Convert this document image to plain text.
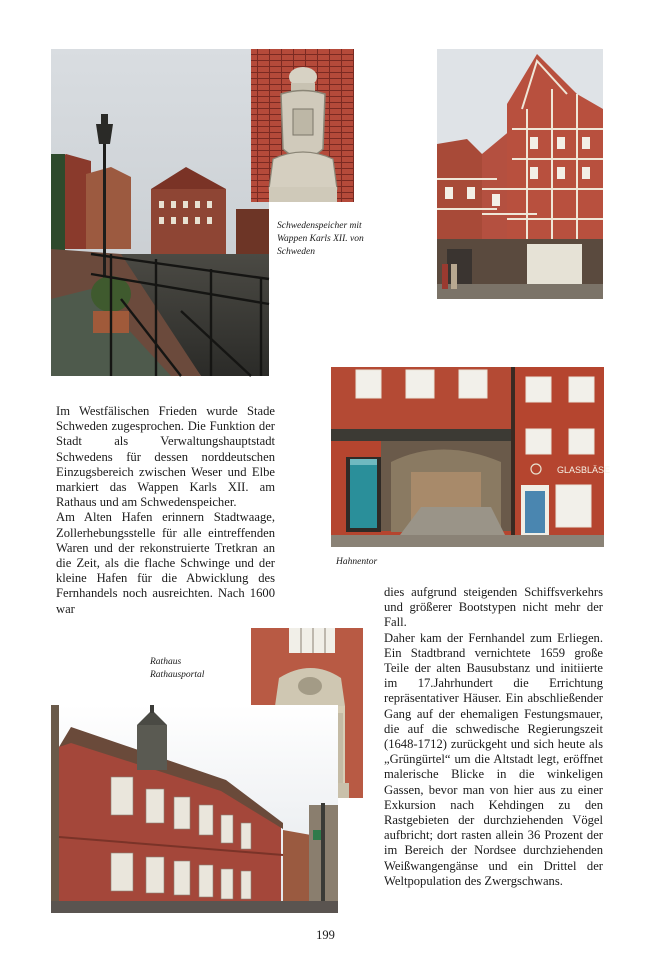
Schwedenspeicher mit
Wappen Karls XII. von
Schweden

GLASBLÄSE

Hahnentor

Rathaus
Rathausportal

Im Westfälischen Frieden wurde Stade Schweden zugesprochen. Die Funktion der Stadt als Verwaltungshauptstadt Schwedens für dessen norddeutschen Einzugsbereich zwischen Weser und Elbe markiert das Wappen Karls XII. am Rathaus und am Schwedenspeicher.

Am Alten Hafen erinnern Stadtwaage, Zollerhebungsstelle für alle eintreffenden Waren und der rekonstruierte Tretkran an die Zeit, als die flache Schwinge und der kleine Hafen für die Abwicklung des Fernhandels noch ausreichten. Nach 1600 war

dies aufgrund steigenden Schiffsverkehrs und größerer Bootstypen nicht mehr der Fall.

Daher kam der Fernhandel zum Erliegen. Ein Stadtbrand vernichtete 1659 große Teile der alten Bausubstanz und initiierte im 17.Jahrhundert die Errichtung repräsentativer Häuser. Ein abschließender Gang auf der ehemaligen Festungsmauer, die auf die schwedische Regierungszeit (1648-1712) zurückgeht und sich heute als „Grüngürtel“ um die Altstadt legt, eröffnet malerische Blicke in die winkeligen Gassen, bevor man von hier aus zu einer Exkursion nach Kehdingen zu den Rastgebieten der durchziehenden Vögel aufbricht; dort rasten allein 36 Prozent der im Bereich der Nordsee durchziehenden Weißwangengänse und ein Drittel der Weltpopulation des Zwergschwans.

199
